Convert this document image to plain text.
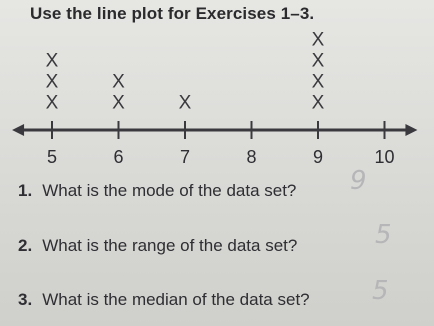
Use the line plot for Exercises 1–3.
5	6	7	8	9	10
X
X
X
X
X
X	X
X
X
X
1. What is the mode of the data set? 9
2. What is the range of the data set?	5
3. What is the median of the data set? 5
